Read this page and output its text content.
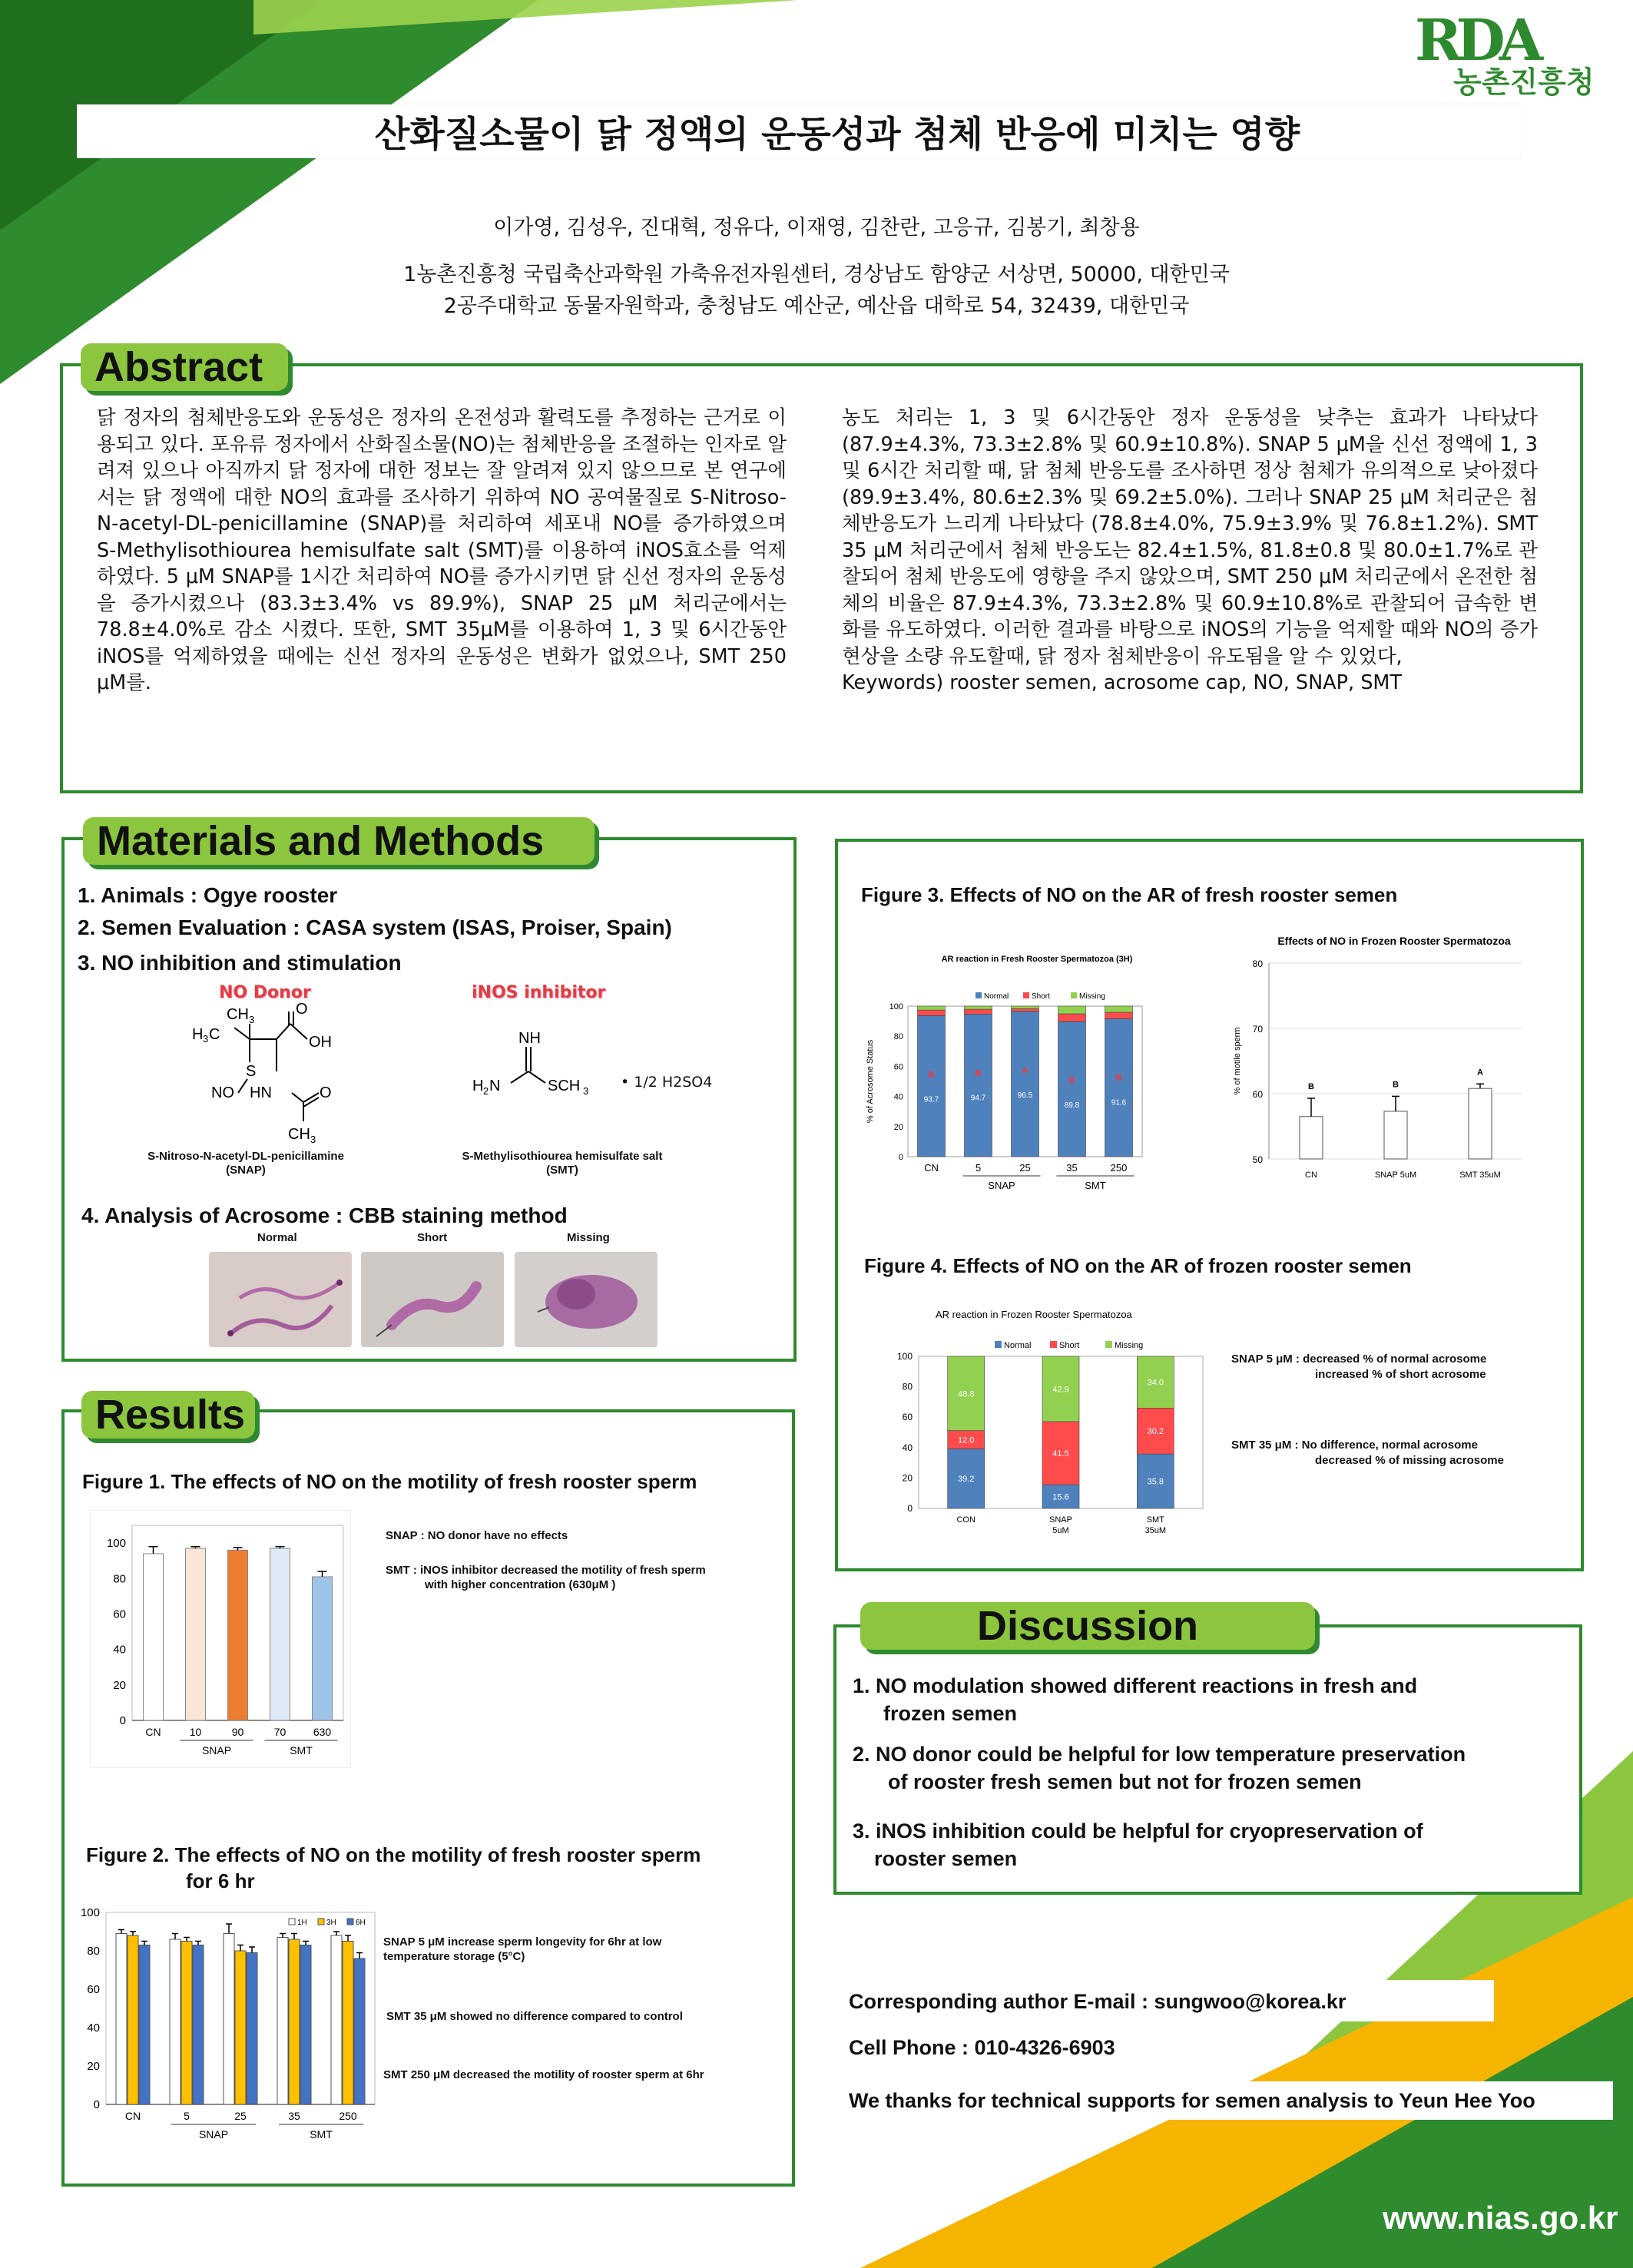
RDA
농촌진흥청
산화질소물이 닭 정액의 운동성과 첨체 반응에 미치는 영향
이가영, 김성우, 진대혁, 정유다, 이재영, 김찬란, 고응규, 김봉기, 최창용
1농촌진흥청 국립축산과학원 가축유전자원센터, 경상남도 함양군 서상면, 50000, 대한민국
2공주대학교 동물자원학과, 충청남도 예산군, 예산읍 대학로 54, 32439, 대한민국
Abstract

닭 정자의 첨체반응도와 운동성은 정자의 온전성과 활력도를 추정하는 근거로 이용되고 있다. 포유류 정자에서 산화질소물(NO)는 첨체반응을 조절하는 인자로 알려져 있으나 아직까지 닭 정자에 대한 정보는 잘 알려져 있지 않으므로 본 연구에서는 닭 정액에 대한 NO의 효과를 조사하기 위하여 NO 공여물질로 S-Nitroso-N-acetyl-DL-penicillamine (SNAP)를 처리하여 세포내 NO를 증가하였으며 S-Methylisothiourea hemisulfate salt (SMT)를 이용하여 iNOS효소를 억제하였다. 5 μM SNAP를 1시간 처리하여 NO를 증가시키면 닭 신선 정자의 운동성을 증가시켰으나 (83.3±3.4% vs 89.9%), SNAP 25 μM 처리군에서는 78.8±4.0%로 감소 시켰다. 또한, SMT 35μM를 이용하여 1, 3 및 6시간동안 iNOS를 억제하였을 때에는 신선 정자의 운동성은 변화가 없었으나, SMT 250 μM를.

농도 처리는 1, 3 및 6시간동안 정자 운동성을 낮추는 효과가 나타났다 (87.9±4.3%, 73.3±2.8% 및 60.9±10.8%). SNAP 5 μM을 신선 정액에 1, 3 및 6시간 처리할 때, 닭 첨체 반응도를 조사하면 정상 첨체가 유의적으로 낮아졌다(89.9±3.4%, 80.6±2.3% 및 69.2±5.0%). 그러나 SNAP 25 μM 처리군은 첨체반응도가 느리게 나타났다 (78.8±4.0%, 75.9±3.9% 및 76.8±1.2%). SMT 35 μM 처리군에서 첨체 반응도는 82.4±1.5%, 81.8±0.8 및 80.0±1.7%로 관찰되어 첨체 반응도에 영향을 주지 않았으며, SMT 250 μM 처리군에서 온전한 첨체의 비율은 87.9±4.3%, 73.3±2.8% 및 60.9±10.8%로 관찰되어 급속한 변화를 유도하였다. 이러한 결과를 바탕으로 iNOS의 기능을 억제할 때와 NO의 증가현상을 소량 유도할때, 닭 정자 첨체반응이 유도됨을 알 수 있었다,

Keywords) rooster semen, acrosome cap, NO, SNAP, SMT

Materials and Methods
1. Animals : Ogye rooster
2. Semen Evaluation : CASA system (ISAS, Proiser, Spain)
3. NO inhibition and stimulation
NO Donor	iNOS inhibitor
CH 3
H 3 C
O
OH
S
NO HN	O
CH 3
S-Nitroso-N-acetyl-DL-penicillamine
(SNAP)
NH
H 2 N	SCH 3
• 1/2 H2SO4
S-Methylisothiourea hemisulfate salt
(SMT)
4. Analysis of Acrosome : CBB staining method
Normal	Short	Missing
Results
Figure 1. The effects of NO on the motility of fresh rooster sperm
0
20
40
60
80
100
CN	10	90	70	630
SNAP	SMT
SNAP : NO donor have no effects
SMT : iNOS inhibitor decreased the motility of fresh sperm
with higher concentration (630μM )
Figure 2. The effects of NO on the motility of fresh rooster sperm
for 6 hr
0
20
40
60
80
100
1H	3H	6H
CN	5	25	35	250
SNAP	SMT
SNAP 5 μM increase sperm longevity for 6hr at low
temperature storage (5°C)
SMT 35 μM showed no difference compared to control
SMT 250 μM decreased the motility of rooster sperm at 6hr
Figure 3. Effects of NO on the AR of fresh rooster semen
AR reaction in Fresh Rooster Spermatozoa (3H)
0
20
40
60
80
100
% of Acrosome Status
Normal	Short	Missing
93.7
B
94.7
B
96.5
A
89.8
B
91.6
B
CN	5	25	35	250
SNAP	SMT
Effects of NO in Frozen Rooster Spermatozoa
50
60
70
80
% of motile sperm	B
CN
B
SNAP 5uM
A
SMT 35uM
Figure 4. Effects of NO on the AR of frozen rooster semen
AR reaction in Frozen Rooster Spermatozoa
0
20
40
60
80
100
Normal	Short	Missing
39.2
12.0
48.8
CON
15.6
41.5
42.9
SNAP
5uM
35.8
30.2
34.0
SMT
35uM
SNAP 5 μM : decreased % of normal acrosome
increased % of short acrosome
SMT 35 μM : No difference, normal acrosome
decreased % of missing acrosome
Discussion
1. NO modulation showed different reactions in fresh and
frozen semen
2. NO donor could be helpful for low temperature preservation
of rooster fresh semen but not for frozen semen
3. iNOS inhibition could be helpful for cryopreservation of
rooster semen
Corresponding author E-mail : sungwoo@korea.kr
Cell Phone : 010-4326-6903
We thanks for technical supports for semen analysis to Yeun Hee Yoo
www.nias.go.kr
